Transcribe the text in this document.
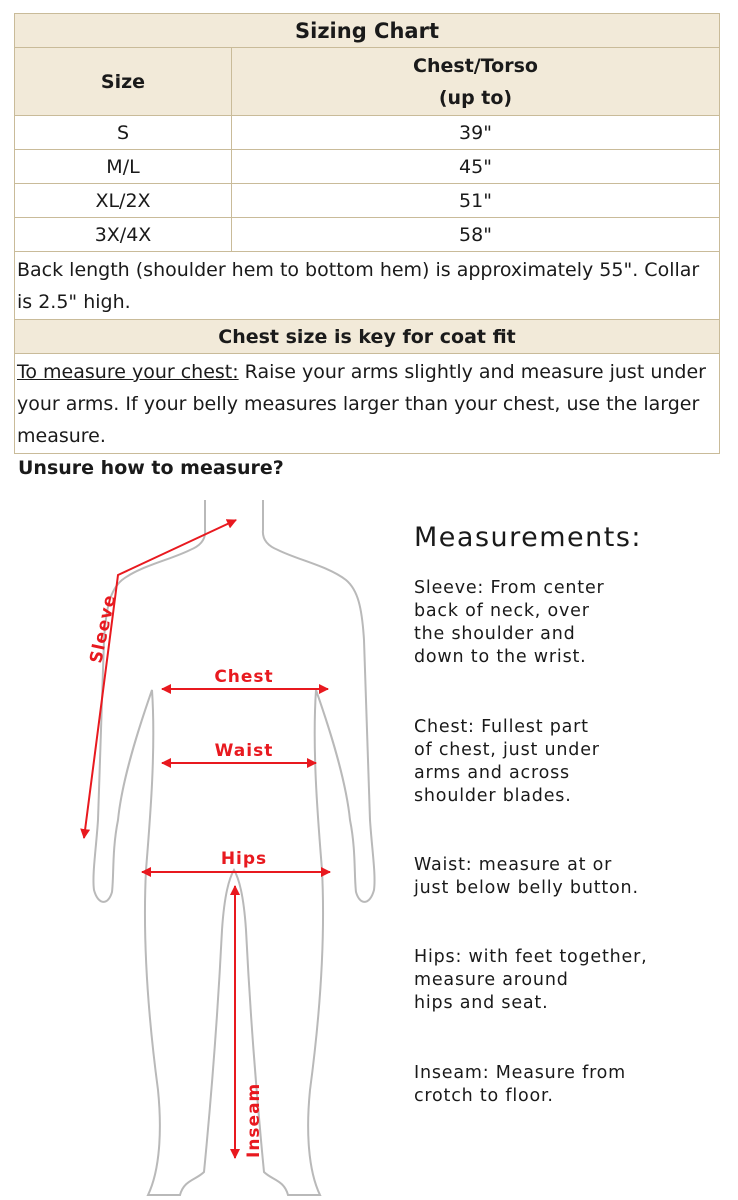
Sizing Chart	
Size	Chest/Torso
(up to)

S	39"
M/L	45"
XL/2X	51"
3X/4X	58"
Back length (shoulder hem to bottom hem) is approximately 55". Collar is 2.5" high.	
Chest size is key for coat fit	
To measure your chest: Raise your arms slightly and measure just under your arms. If your belly measures larger than your chest, use the larger measure.	
Unsure how to measure?
Sleeve
Chest
Waist
Hips
Inseam
Measurements:
Sleeve: From center
back of neck, over
the shoulder and
down to the wrist.
Chest: Fullest part
of chest, just under
arms and across
shoulder blades.
Waist: measure at or
just below belly button.
Hips: with feet together,
measure around
hips and seat.
Inseam: Measure from
crotch to floor.
